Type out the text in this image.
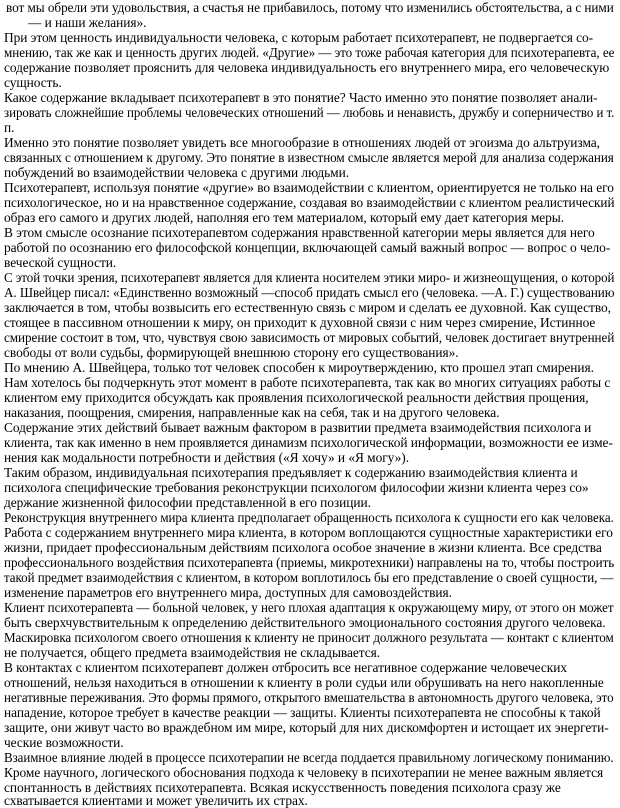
вот мы обрели эти удовольствия, а счастья не прибавилось, потому что изменились обстоятельства, а с ними
— и наши желания».
При этом ценность индивидуальности человека, с которым работает психотерапевт, не подвергается со-
мнению, так же как и ценность других людей. «Другие» — это тоже рабочая категория для психотерапевта, ее
содержание позволяет прояснить для человека индивидуальность его внутреннего мира, его человеческую
сущность.
Какое содержание вкладывает психотерапевт в это понятие? Часто именно это понятие позволяет анали-
зировать сложнейшие проблемы человеческих отношений — любовь и ненависть, дружбу и соперничество и т.
п.
Именно это понятие позволяет увидеть все многообразие в отношениях людей от эгоизма до альтруизма,
связанных с отношением к другому. Это понятие в известном смысле является мерой для анализа содержания
побуждений во взаимодействии человека с другими людьми.
Психотерапевт, используя понятие «другие» во взаимодействии с клиентом, ориентируется не только на его
психологическое, но и на нравственное содержание, создавая во взаимодействии с клиентом реалистический
образ его самого и других людей, наполняя его тем материалом, который ему дает категория меры.
В этом смысле осознание психотерапевтом содержания нравственной категории меры является для него
работой по осознанию его философской концепции, включающей самый важный вопрос — вопрос о чело-
веческой сущности.
С этой точки зрения, психотерапевт является для клиента носителем этики миро- и жизнеощущения, о которой
А. Швейцер писал: «Единственно возможный —способ придать смысл его (человека. —А. Г.) существованию
заключается в том, чтобы возвысить его естественную связь с миром и сделать ее духовной. Как существо,
стоящее в пассивном отношении к миру, он приходит к духовной связи с ним через смирение, Истинное
смирение состоит в том, что, чувствуя свою зависимость от мировых событий, человек достигает внутренней
свободы от воли судьбы, формирующей внешнюю сторону его существования».
По мнению А. Швейцера, только тот человек способен к мироутверждению, кто прошел этап смирения.
Нам хотелось бы подчеркнуть этот момент в работе психотерапевта, так как во многих ситуациях работы с
клиентом ему приходится обсуждать как проявления психологической реальности действия прощения,
наказания, поощрения, смирения, направленные как на себя, так и на другого человека.
Содержание этих действий бывает важным фактором в развитии предмета взаимодействия психолога и
клиента, так как именно в нем проявляется динамизм психологической информации, возможности ее изме-
нения как модальности потребности и действия («Я хочу» и «Я могу»).
Таким образом, индивидуальная психотерапия предъявляет к содержанию взаимодействия клиента и
психолога специфические требования реконструкции психологом философии жизни клиента через со»
держание жизненной философии представленной в его позиции.
Реконструкция внутреннего мира клиента предполагает обращенность психолога к сущности его как человека.
Работа с содержанием внутреннего мира клиента, в котором воплощаются сущностные характеристики его
жизни, придает профессиональным действиям психолога особое значение в жизни клиента. Все средства
профессионального воздействия психотерапевта (приемы, микротехники) направлены на то, чтобы построить
такой предмет взаимодействия с клиентом, в котором воплотилось бы его представление о своей сущности, —
изменение параметров его внутреннего мира, доступных для самовоздействия.
Клиент психотерапевта — больной человек, у него плохая адаптация к окружающему миру, от этого он может
быть сверхчувствительным к определению действительного эмоционального состояния другого человека.
Маскировка психологом своего отношения к клиенту не приносит должного результата — контакт с клиентом
не получается, общего предмета взаимодействия не складывается.
В контактах с клиентом психотерапевт должен отбросить все негативное содержание человеческих
отношений, нельзя находиться в отношении к клиенту в роли судьи или обрушивать на него накопленные
негативные переживания. Это формы прямого, открытого вмешательства в автономность другого человека, это
нападение, которое требует в качестве реакции — защиты. Клиенты психотерапевта не способны к такой
защите, они живут часто во враждебном им мире, который для них дискомфортен и истощает их энергети-
ческие возможности.
Взаимное влияние людей в процессе психотерапии не всегда поддается правильному логическому пониманию.
Кроме научного, логического обоснования подхода к человеку в психотерапии не менее важным является
спонтанность в действиях психотерапевта. Всякая искусственность поведения психолога сразу же
схватывается клиентами и может увеличить их страх.
